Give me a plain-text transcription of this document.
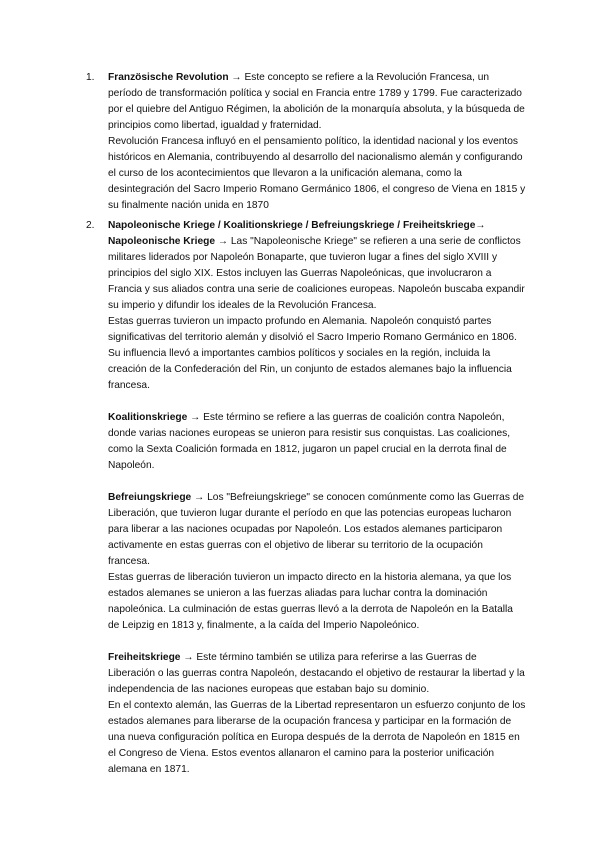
1. Französische Revolution → Este concepto se refiere a la Revolución Francesa, un período de transformación política y social en Francia entre 1789 y 1799. Fue caracterizado por el quiebre del Antiguo Régimen, la abolición de la monarquía absoluta, y la búsqueda de principios como libertad, igualdad y fraternidad.

Revolución Francesa influyó en el pensamiento político, la identidad nacional y los eventos históricos en Alemania, contribuyendo al desarrollo del nacionalismo alemán y configurando el curso de los acontecimientos que llevaron a la unificación alemana, como la desintegración del Sacro Imperio Romano Germánico 1806, el congreso de Viena en 1815 y su finalmente nación unida en 1870

2. Napoleonische Kriege / Koalitionskriege / Befreiungskriege / Freiheitskriege→

Napoleonische Kriege → Las "Napoleonische Kriege" se refieren a una serie de conflictos militares liderados por Napoleón Bonaparte, que tuvieron lugar a fines del siglo XVIII y principios del siglo XIX. Estos incluyen las Guerras Napoleónicas, que involucraron a Francia y sus aliados contra una serie de coaliciones europeas. Napoleón buscaba expandir su imperio y difundir los ideales de la Revolución Francesa.

Estas guerras tuvieron un impacto profundo en Alemania. Napoleón conquistó partes significativas del territorio alemán y disolvió el Sacro Imperio Romano Germánico en 1806. Su influencia llevó a importantes cambios políticos y sociales en la región, incluida la creación de la Confederación del Rin, un conjunto de estados alemanes bajo la influencia francesa.

Koalitionskriege → Este término se refiere a las guerras de coalición contra Napoleón, donde varias naciones europeas se unieron para resistir sus conquistas. Las coaliciones, como la Sexta Coalición formada en 1812, jugaron un papel crucial en la derrota final de Napoleón.

Befreiungskriege → Los "Befreiungskriege" se conocen comúnmente como las Guerras de Liberación, que tuvieron lugar durante el período en que las potencias europeas lucharon para liberar a las naciones ocupadas por Napoleón. Los estados alemanes participaron activamente en estas guerras con el objetivo de liberar su territorio de la ocupación francesa.

Estas guerras de liberación tuvieron un impacto directo en la historia alemana, ya que los estados alemanes se unieron a las fuerzas aliadas para luchar contra la dominación napoleónica. La culminación de estas guerras llevó a la derrota de Napoleón en la Batalla de Leipzig en 1813 y, finalmente, a la caída del Imperio Napoleónico.

Freiheitskriege → Este término también se utiliza para referirse a las Guerras de Liberación o las guerras contra Napoleón, destacando el objetivo de restaurar la libertad y la independencia de las naciones europeas que estaban bajo su dominio.

En el contexto alemán, las Guerras de la Libertad representaron un esfuerzo conjunto de los estados alemanes para liberarse de la ocupación francesa y participar en la formación de una nueva configuración política en Europa después de la derrota de Napoleón en 1815 en el Congreso de Viena. Estos eventos allanaron el camino para la posterior unificación alemana en 1871.
